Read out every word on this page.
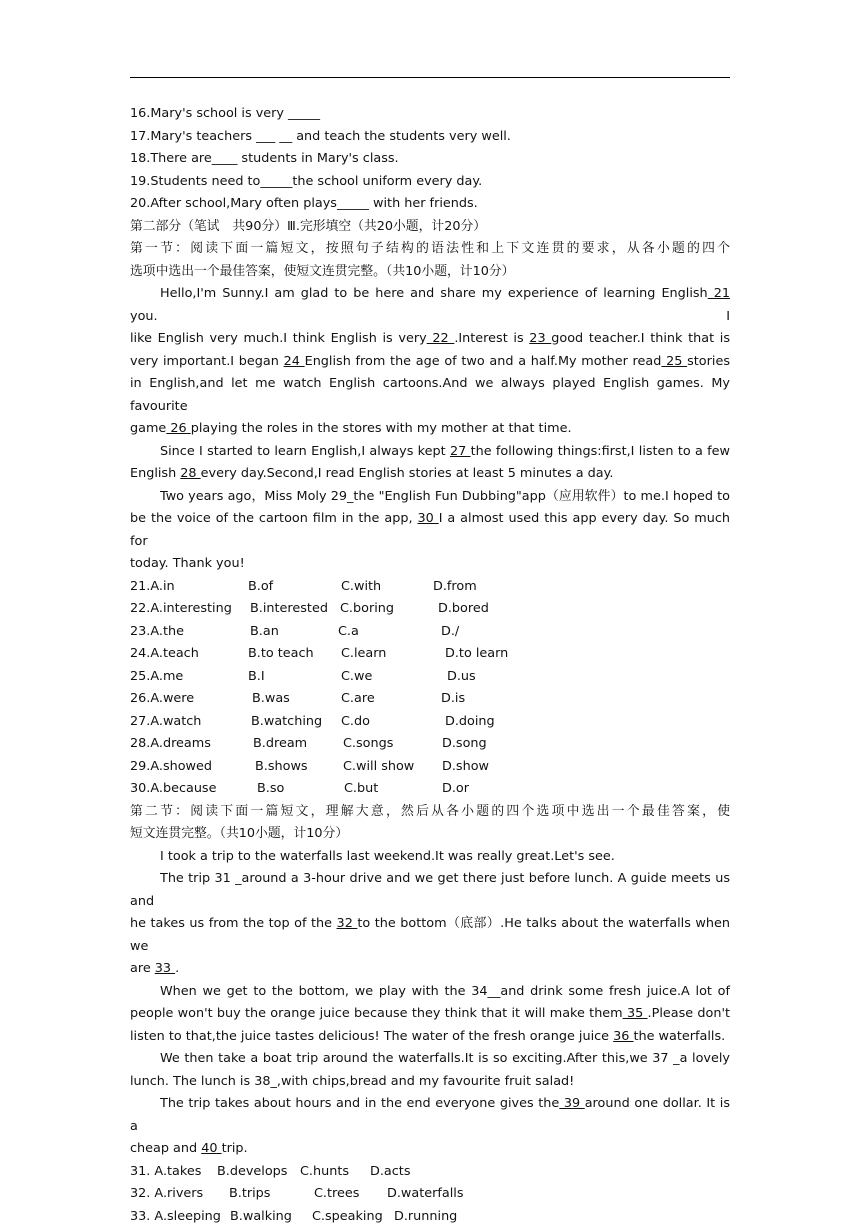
16.Mary's school is very _____
17.Mary's teachers ___ __ and teach the students very well.
18.There are____ students in Mary's class.
19.Students need to_____the school uniform every day.
20.After school,Mary often plays_____ with her friends.
第二部分（笔试　共90分）Ⅲ.完形填空（共20小题，计20分）
第一节：阅读下面一篇短文，按照句子结构的语法性和上下文连贯的要求，从各小题的四个
选项中选出一个最佳答案，使短文连贯完整。（共10小题，计10分）
Hello,I'm Sunny.I am glad to be here and share my experience of learning English 21 you. I
like English very much.I think English is very 22 .Interest is 23 good teacher.I think that is
very important.I began 24 English from the age of two and a half.My mother read 25 stories
in English,and let me watch English cartoons.And we always played English games. My favourite
game 26 playing the roles in the stores with my mother at that time.
Since I started to learn English,I always kept 27 the following things:first,I listen to a few
English 28 every day.Second,I read English stories at least 5 minutes a day.
Two years ago，Miss Moly 29_the "English Fun Dubbing"app（应用软件）to me.I hoped to
be the voice of the cartoon film in the app, 30 I a almost used this app every day. So much for
today. Thank you!
21.A.in	B.of	C.with	D.from
22.A.interesting	B.interested C.boring	D.bored
23.A.the	B.an	C.a	D./
24.A.teach	B.to teach	C.learn	D.to learn
25.A.me	B.I	C.we	D.us
26.A.were	B.was	C.are	D.is
27.A.watch	B.watching	C.do	D.doing
28.A.dreams	B.dream	C.songs	D.song
29.A.showed	B.shows	C.will show	D.show
30.A.because	B.so	C.but	D.or
第二节：阅读下面一篇短文，理解大意，然后从各小题的四个选项中选出一个最佳答案，使
短文连贯完整。（共10小题，计10分）
I took a trip to the waterfalls last weekend.It was really great.Let's see.
The trip 31 _around a 3-hour drive and we get there just before lunch. A guide meets us and
he takes us from the top of the 32 to the bottom（底部）.He talks about the waterfalls when we
are 33 .
When we get to the bottom, we play with the 34__and drink some fresh juice.A lot of
people won't buy the orange juice because they think that it will make them 35 .Please don't
listen to that,the juice tastes delicious! The water of the fresh orange juice 36 the waterfalls.
We then take a boat trip around the waterfalls.It is so exciting.After this,we 37 _a lovely
lunch. The lunch is 38_,with chips,bread and my favourite fruit salad!
The trip takes about hours and in the end everyone gives the 39 around one dollar. It is a
cheap and 40 trip.
31. A.takes	B.develops C.hunts	D.acts
32. A.rivers	B.trips	C.trees	D.waterfalls
33. A.sleeping B.walking	C.speaking D.running
